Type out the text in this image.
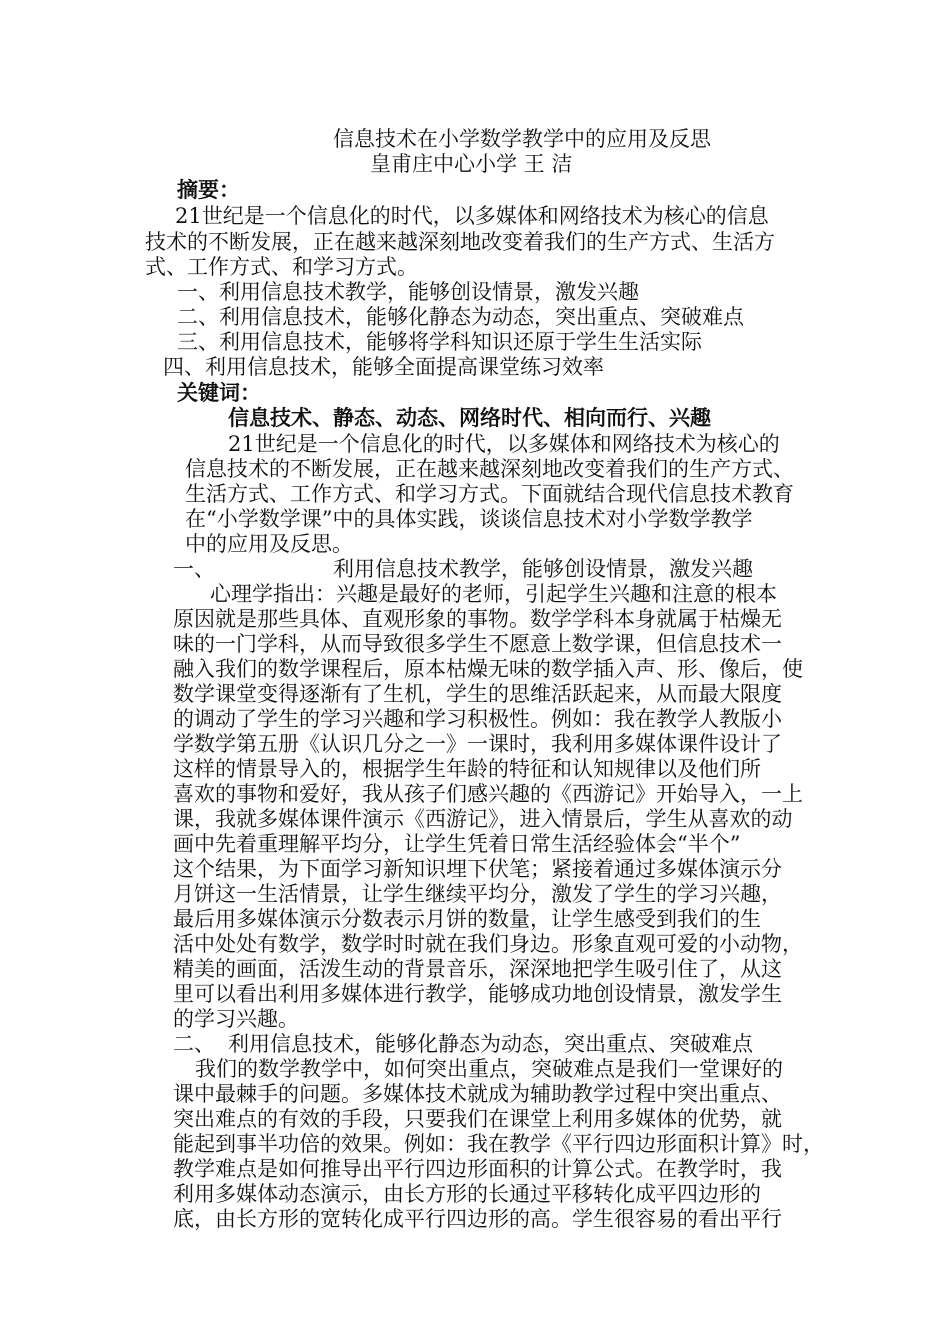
信息技术在小学数学教学中的应用及反思

皇甫庄中心小学 王 洁

摘要：

21世纪是一个信息化的时代，以多媒体和网络技术为核心的信息

技术的不断发展，正在越来越深刻地改变着我们的生产方式、生活方

式、工作方式、和学习方式。

一、利用信息技术教学，能够创设情景，激发兴趣

二、利用信息技术，能够化静态为动态，突出重点、突破难点

三、利用信息技术，能够将学科知识还原于学生生活实际

四、利用信息技术，能够全面提高课堂练习效率

关键词：

信息技术、静态、动态、网络时代、相向而行、兴趣

21世纪是一个信息化的时代，以多媒体和网络技术为核心的

信息技术的不断发展，正在越来越深刻地改变着我们的生产方式、

生活方式、工作方式、和学习方式。下面就结合现代信息技术教育

在“小学数学课”中的具体实践，谈谈信息技术对小学数学教学

中的应用及反思。

一、	利用信息技术教学，能够创设情景，激发兴趣

心理学指出：兴趣是最好的老师，引起学生兴趣和注意的根本

原因就是那些具体、直观形象的事物。数学学科本身就属于枯燥无

味的一门学科，从而导致很多学生不愿意上数学课，但信息技术一

融入我们的数学课程后，原本枯燥无味的数学插入声、形、像后，使

数学课堂变得逐渐有了生机，学生的思维活跃起来，从而最大限度

的调动了学生的学习兴趣和学习积极性。例如：我在教学人教版小

学数学第五册《认识几分之一》一课时，我利用多媒体课件设计了

这样的情景导入的，根据学生年龄的特征和认知规律以及他们所

喜欢的事物和爱好，我从孩子们感兴趣的《西游记》开始导入，一上

课，我就多媒体课件演示《西游记》，进入情景后，学生从喜欢的动

画中先着重理解平均分，让学生凭着日常生活经验体会“半个”

这个结果，为下面学习新知识埋下伏笔；紧接着通过多媒体演示分

月饼这一生活情景，让学生继续平均分，激发了学生的学习兴趣，

最后用多媒体演示分数表示月饼的数量，让学生感受到我们的生

活中处处有数学，数学时时就在我们身边。形象直观可爱的小动物，

精美的画面，活泼生动的背景音乐，深深地把学生吸引住了，从这

里可以看出利用多媒体进行教学，能够成功地创设情景，激发学生

的学习兴趣。

二、 利用信息技术，能够化静态为动态，突出重点、突破难点

我们的数学教学中，如何突出重点，突破难点是我们一堂课好的

课中最棘手的问题。多媒体技术就成为辅助教学过程中突出重点、

突出难点的有效的手段，只要我们在课堂上利用多媒体的优势，就

能起到事半功倍的效果。例如：我在教学《平行四边形面积计算》时，

教学难点是如何推导出平行四边形面积的计算公式。在教学时，我

利用多媒体动态演示，由长方形的长通过平移转化成平四边形的

底，由长方形的宽转化成平行四边形的高。学生很容易的看出平行
